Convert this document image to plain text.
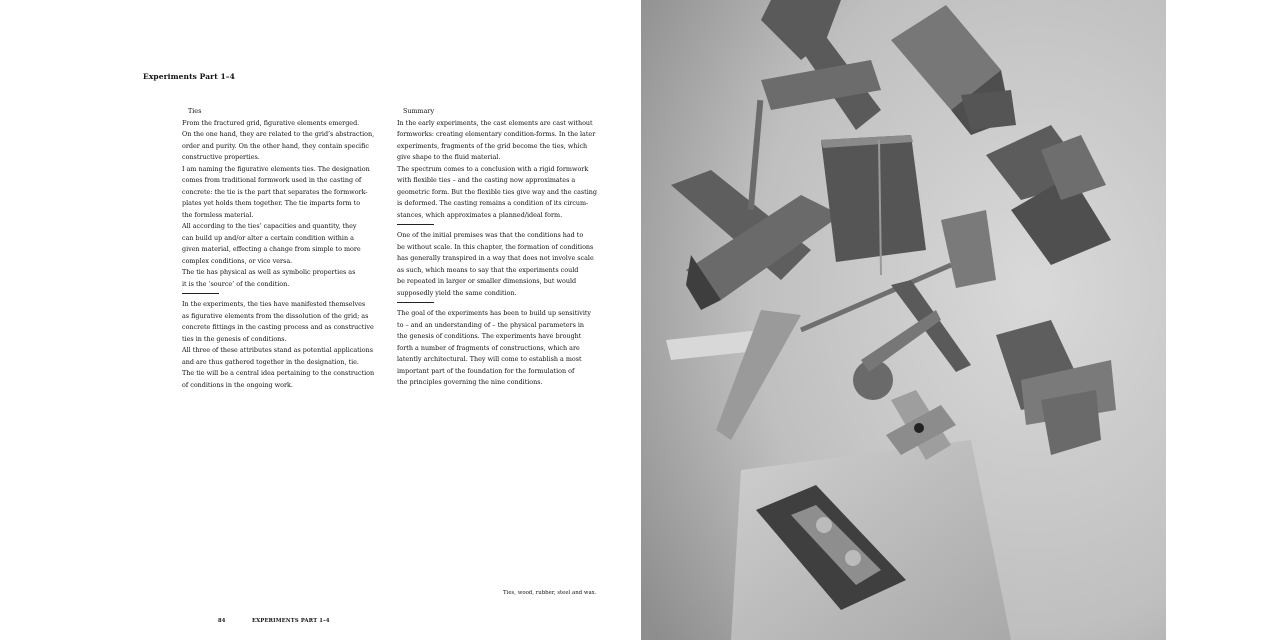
Experiments Part 1–4
Ties

From the fractured grid, figurative elements emerged.

On the one hand, they are related to the grid’s abstraction,

order and purity. On the other hand, they contain specific

constructive properties.

I am naming the figurative elements ties. The designation

comes from traditional formwork used in the casting of

concrete: the tie is the part that separates the formwork-

plates yet holds them together. The tie imparts form to

the formless material.

All according to the ties’ capacities and quantity, they

can build up and/or alter a certain condition within a

given material, effecting a change from simple to more

complex conditions, or vice versa.

The tie has physical as well as symbolic properties as

it is the ‘source’ of the condition.

In the experiments, the ties have manifested themselves

as figurative elements from the dissolution of the grid; as

concrete fittings in the casting process and as constructive

ties in the genesis of conditions.

All three of these attributes stand as potential applications

and are thus gathered together in the designation, tie.

The tie will be a central idea pertaining to the construction

of conditions in the ongoing work.

Summary

In the early experiments, the cast elements are cast without

formworks: creating elementary condition-forms. In the later

experiments, fragments of the grid become the ties, which

give shape to the fluid material.

The spectrum comes to a conclusion with a rigid formwork

with flexible ties – and the casting now approximates a

geometric form. But the flexible ties give way and the casting

is deformed. The casting remains a condition of its circum-

stances, which approximates a planned/ideal form.

One of the initial premises was that the conditions had to

be without scale. In this chapter, the formation of conditions

has generally transpired in a way that does not involve scale

as such, which means to say that the experiments could

be repeated in larger or smaller dimensions, but would

supposedly yield the same condition.

The goal of the experiments has been to build up sensitivity

to – and an understanding of – the physical parameters in

the genesis of conditions. The experiments have brought

forth a number of fragments of constructions, which are

latently architectural. They will come to establish a most

important part of the foundation for the formulation of

the principles governing the nine conditions.

Ties, wood, rubber, steel and wax.
84	EXPERIMENTS PART 1–4
